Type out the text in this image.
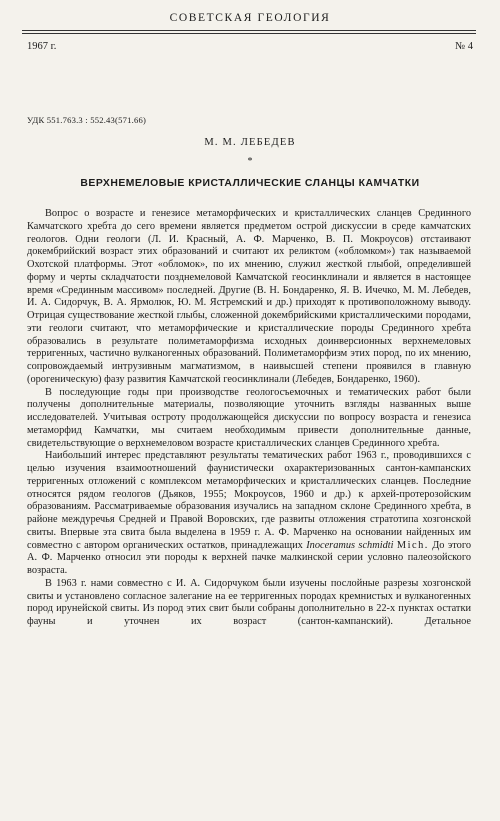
СОВЕТСКАЯ ГЕОЛОГИЯ
1967 г.	№ 4
УДК 551.763.3 : 552.43(571.66)
М. М. ЛЕБЕДЕВ
*
ВЕРХНЕМЕЛОВЫЕ КРИСТАЛЛИЧЕСКИЕ СЛАНЦЫ КАМЧАТКИ

Вопрос о возрасте и генезисе метаморфических и кристаллических сланцев Срединного Камчатского хребта до сего времени является предметом острой дискуссии в среде камчатских геологов. Одни геологи (Л. И. Красный, А. Ф. Марченко, В. П. Мокроусов) отстаивают докембрийский возраст этих образований и считают их реликтом («обломком») так называемой Охотской платформы. Этот «обломок», по их мнению, служил жесткой глыбой, определившей форму и черты складчатости позднемеловой Камчатской геосинклинали и является в настоящее время «Срединным массивом» последней. Другие (В. Н. Бондаренко, Я. В. Ичечко, М. М. Лебедев, И. А. Сидорчук, В. А. Ярмолюк, Ю. М. Ястремский и др.) приходят к противоположному выводу. Отрицая существование жесткой глыбы, сложенной докембрийскими кристаллическими породами, эти геологи считают, что метаморфические и кристаллические породы Срединного хребта образовались в результате полиметаморфизма исходных доинверсионных верхнемеловых терригенных, частично вулканогенных образований. Полиметаморфизм этих пород, по их мнению, сопровождаемый интрузивным магматизмом, в наивысшей степени проявился в главную (орогеническую) фазу развития Камчатской геосинклинали (Лебедев, Бондаренко, 1960).

В последующие годы при производстве геологосъемочных и тематических работ были получены дополнительные материалы, позволяющие уточнить взгляды названных выше исследователей. Учитывая остроту продолжающейся дискуссии по вопросу возраста и генезиса метаморфид Камчатки, мы считаем необходимым привести дополнительные данные, свидетельствующие о верхнемеловом возрасте кристаллических сланцев Срединного хребта.

Наибольший интерес представляют результаты тематических работ 1963 г., проводившихся с целью изучения взаимоотношений фаунистически охарактеризованных сантон-кампанских терригенных отложений с комплексом метаморфических и кристаллических сланцев. Последние относятся рядом геологов (Дьяков, 1955; Мокроусов, 1960 и др.) к архей-протерозойским образованиям. Рассматриваемые образования изучались на западном склоне Срединного хребта, в районе междуречья Средней и Правой Воровских, где развиты отложения стратотипа хозгонской свиты. Впервые эта свита была выделена в 1959 г. А. Ф. Марченко на основании найденных им совместно с автором органических остатков, принадлежащих Inoceramus schmidti Mich. До этого А. Ф. Марченко относил эти породы к верхней пачке малкинской серии условно палеозойского возраста.

В 1963 г. нами совместно с И. А. Сидорчуком были изучены послойные разрезы хозгонской свиты и установлено согласное залегание на ее терригенных породах кремнистых и вулканогенных пород ирунейской свиты. Из пород этих свит были собраны дополнительно в 22-х пунктах остатки фауны и уточнен их возраст (сантон-кампанский). Детальное
